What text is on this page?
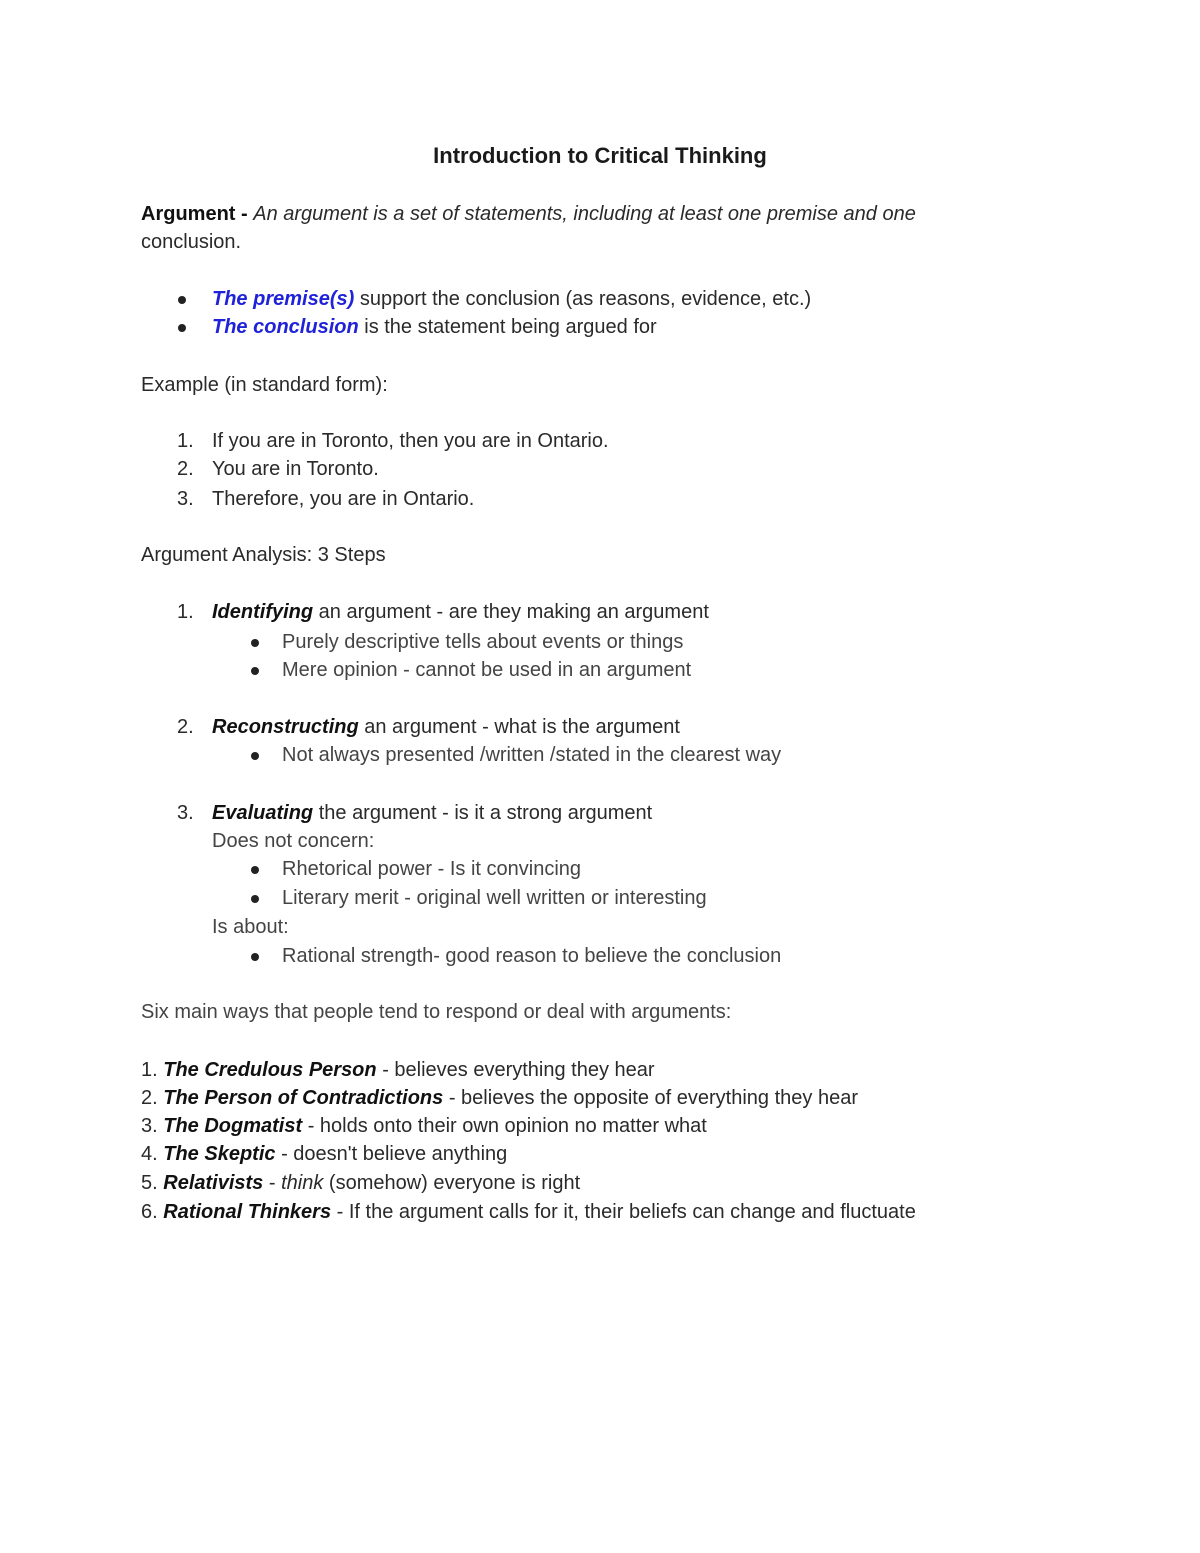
Introduction to Critical Thinking
Argument - An argument is a set of statements, including at least one premise and one
conclusion.
The premise(s) support the conclusion (as reasons, evidence, etc.)
The conclusion is the statement being argued for
Example (in standard form):
1. If you are in Toronto, then you are in Ontario.
2. You are in Toronto.
3. Therefore, you are in Ontario.
Argument Analysis: 3 Steps
1. Identifying an argument - are they making an argument
Purely descriptive tells about events or things
Mere opinion - cannot be used in an argument
2. Reconstructing an argument - what is the argument
Not always presented /written /stated in the clearest way
3. Evaluating the argument - is it a strong argument
Does not concern:
Rhetorical power - Is it convincing
Literary merit - original well written or interesting
Is about:
Rational strength- good reason to believe the conclusion
Six main ways that people tend to respond or deal with arguments:
1. The Credulous Person - believes everything they hear
2. The Person of Contradictions - believes the opposite of everything they hear
3. The Dogmatist - holds onto their own opinion no matter what
4. The Skeptic - doesn't believe anything
5. Relativists - think (somehow) everyone is right
6. Rational Thinkers - If the argument calls for it, their beliefs can change and fluctuate
